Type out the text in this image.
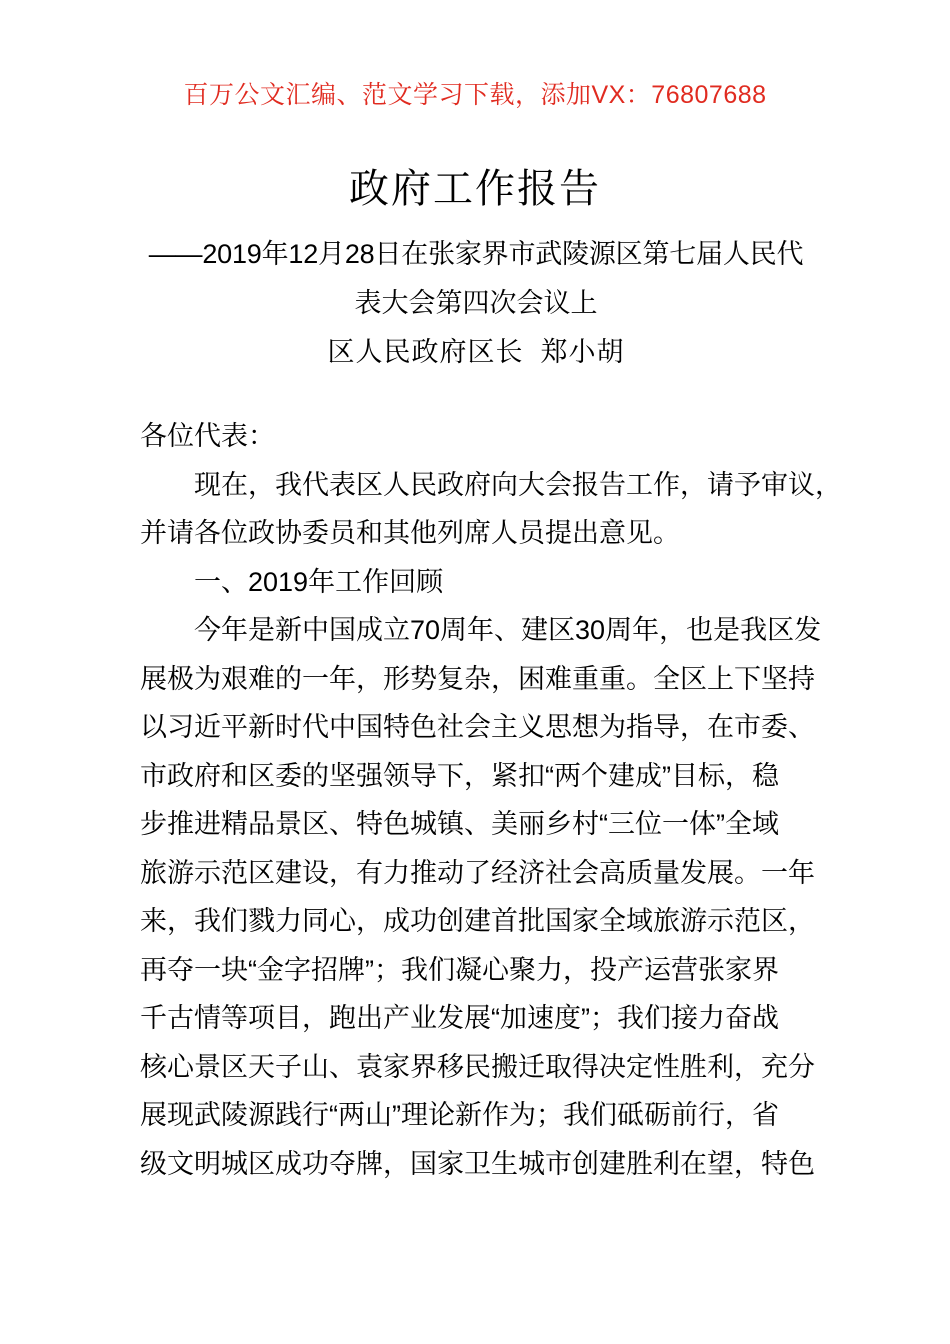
百万公文汇编、范文学习下载，添加VX：76807688
政府工作报告
——2019年12月28日在张家界市武陵源区第七届人民代
表大会第四次会议上
区人民政府区长  郑小胡
各位代表：
现在，我代表区人民政府向大会报告工作，请予审议，
并请各位政协委员和其他列席人员提出意见。
一、2019年工作回顾
今年是新中国成立70周年、建区30周年，也是我区发
展极为艰难的一年，形势复杂，困难重重。全区上下坚持
以习近平新时代中国特色社会主义思想为指导，在市委、
市政府和区委的坚强领导下，紧扣“两个建成”目标，稳
步推进精品景区、特色城镇、美丽乡村“三位一体”全域
旅游示范区建设，有力推动了经济社会高质量发展。一年
来，我们戮力同心，成功创建首批国家全域旅游示范区，
再夺一块“金字招牌”；我们凝心聚力，投产运营张家界
千古情等项目，跑出产业发展“加速度”；我们接力奋战
核心景区天子山、袁家界移民搬迁取得决定性胜利，充分
展现武陵源践行“两山”理论新作为；我们砥砺前行，省
级文明城区成功夺牌，国家卫生城市创建胜利在望，特色
